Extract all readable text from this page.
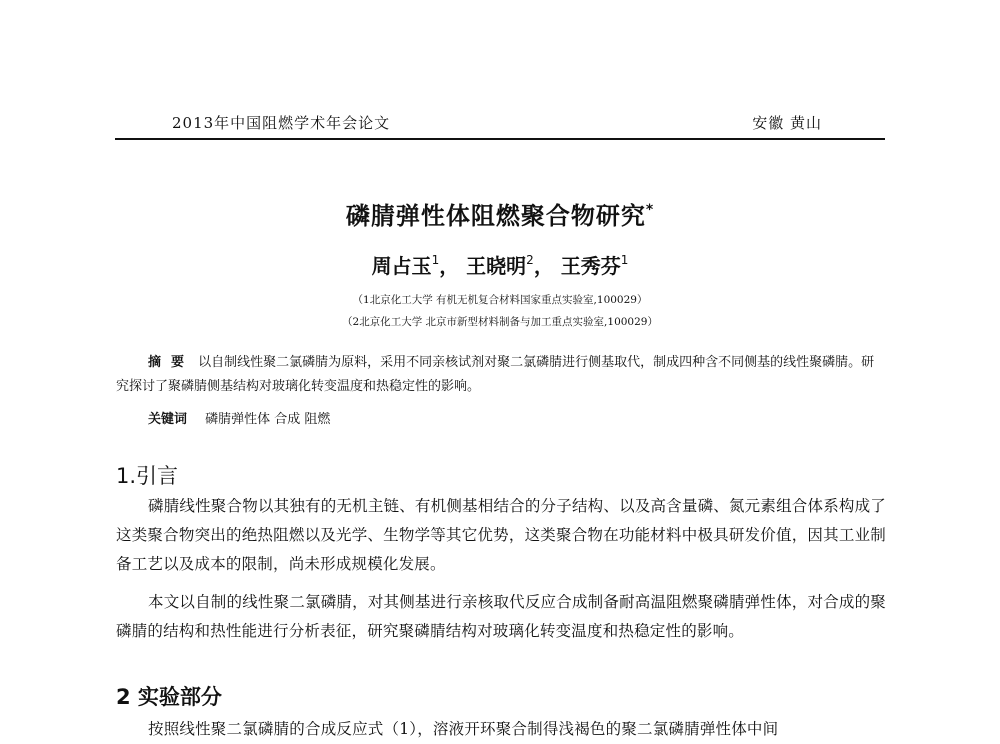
2013年中国阻燃学术年会论文	安徽 黄山
磷腈弹性体阻燃聚合物研究*
周占玉$^1$， 王晓明$^2$， 王秀芬$^1$
（1北京化工大学 有机无机复合材料国家重点实验室,100029）
（2北京化工大学 北京市新型材料制备与加工重点实验室,100029）
摘要 以自制线性聚二氯磷腈为原料，采用不同亲核试剂对聚二氯磷腈进行侧基取代，制成四种含不同侧基的线性聚磷腈。研究探讨了聚磷腈侧基结构对玻璃化转变温度和热稳定性的影响。
关键词 磷腈弹性体 合成 阻燃
1.引言

磷腈线性聚合物以其独有的无机主链、有机侧基相结合的分子结构、以及高含量磷、氮元素组合体系构成了这类聚合物突出的绝热阻燃以及光学、生物学等其它优势，这类聚合物在功能材料中极具研发价值，因其工业制备工艺以及成本的限制，尚未形成规模化发展。

本文以自制的线性聚二氯磷腈，对其侧基进行亲核取代反应合成制备耐高温阻燃聚磷腈弹性体，对合成的聚磷腈的结构和热性能进行分析表征，研究聚磷腈结构对玻璃化转变温度和热稳定性的影响。

2 实验部分

按照线性聚二氯磷腈的合成反应式（1），溶液开环聚合制得浅褐色的聚二氯磷腈弹性体中间
